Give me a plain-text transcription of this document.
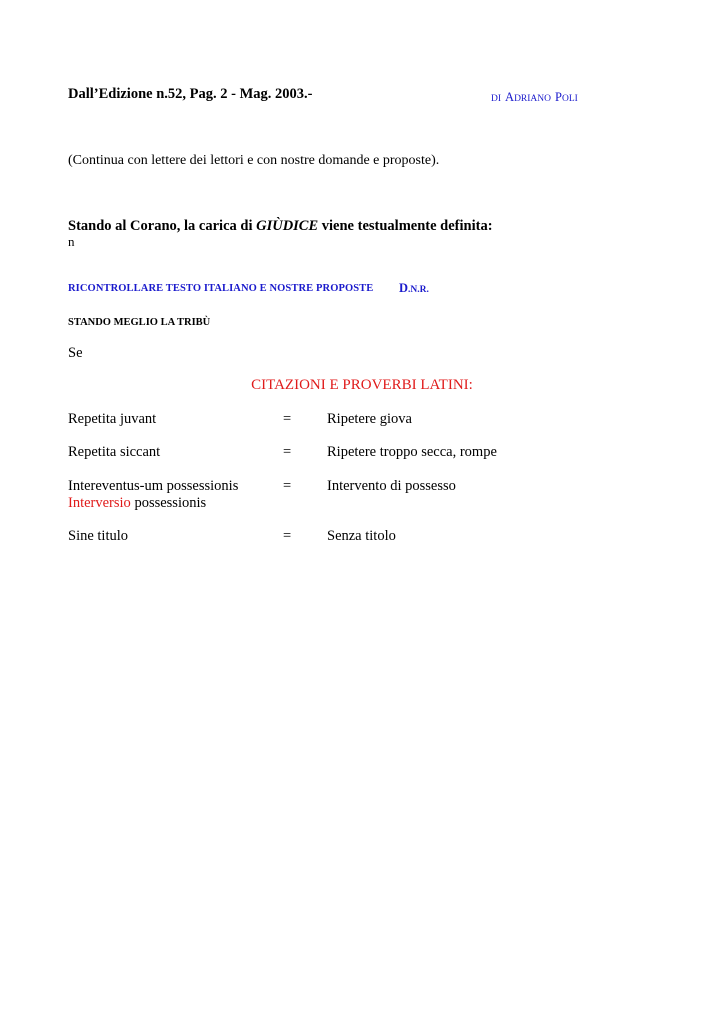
Dall’Edizione n.52, Pag. 2 - Mag. 2003.-	DI ADRIANO POLI
(Continua con lettere dei lettori e con nostre domande e proposte).
Stando al Corano, la carica di GIÙDICE viene testualmente definita:
n
RICONTROLLARE TESTO ITALIANO E NOSTRE PROPOSTE D.N.R.
STANDO MEGLIO LA TRIBÙ
Se
CITAZIONI E PROVERBI LATINI:
Repetita juvant	= Ripetere giova
Repetita siccant	= Ripetere troppo secca, rompe
Intereventus-um possessionis	= Intervento di possesso
Interversio possessionis
Sine titulo	= Senza titolo
